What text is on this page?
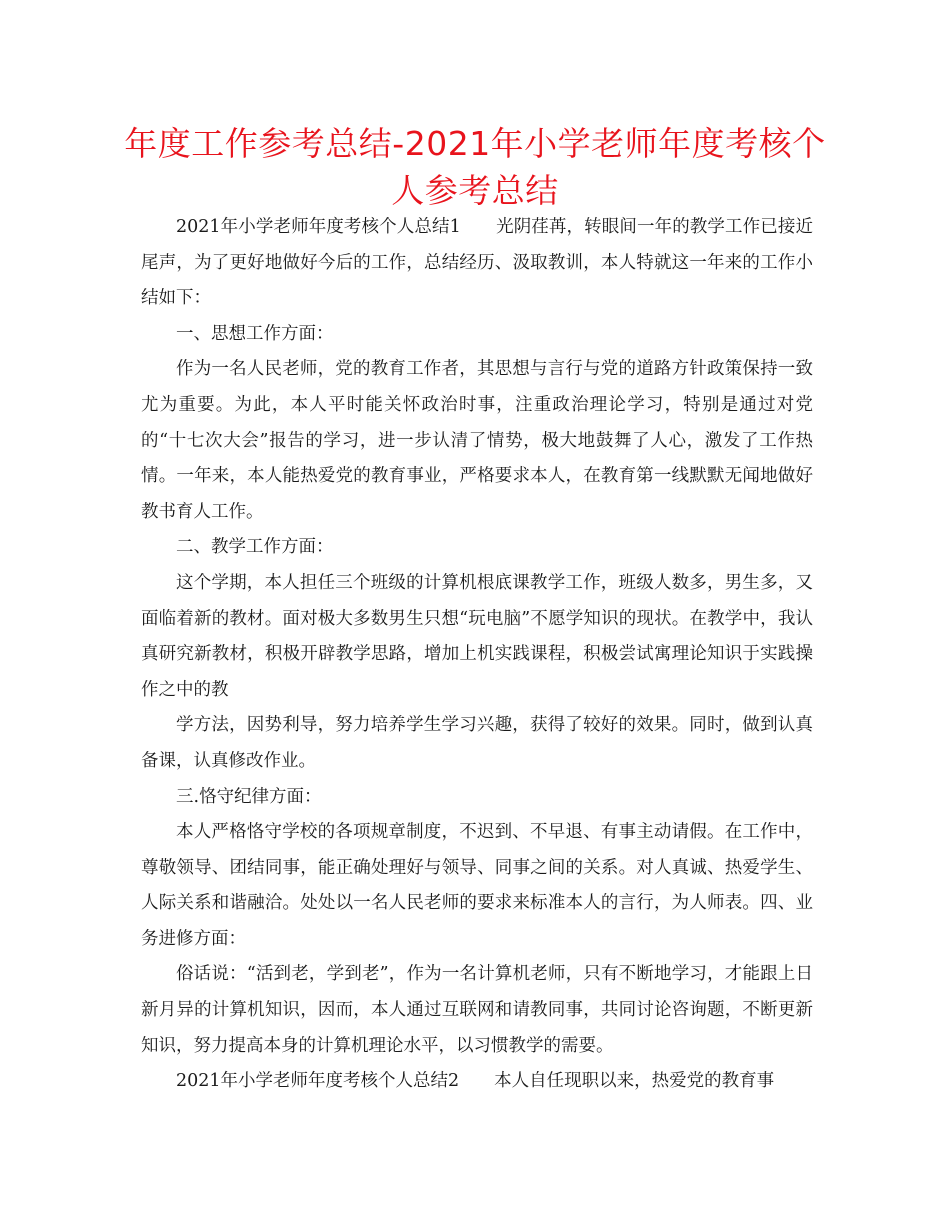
年度工作参考总结-2021年小学老师年度考核个
人参考总结

2021年小学老师年度考核个人总结1　　光阴荏苒，转眼间一年的教学工作已接近尾声，为了更好地做好今后的工作，总结经历、汲取教训，本人特就这一年来的工作小结如下：

一、思想工作方面：

作为一名人民老师，党的教育工作者，其思想与言行与党的道路方针政策保持一致尤为重要。为此，本人平时能关怀政治时事，注重政治理论学习，特别是通过对党的“十七次大会”报告的学习，进一步认清了情势，极大地鼓舞了人心，激发了工作热情。一年来，本人能热爱党的教育事业，严格要求本人，在教育第一线默默无闻地做好教书育人工作。

二、教学工作方面：

这个学期，本人担任三个班级的计算机根底课教学工作，班级人数多，男生多，又面临着新的教材。面对极大多数男生只想“玩电脑”不愿学知识的现状。在教学中，我认真研究新教材，积极开辟教学思路，增加上机实践课程，积极尝试寓理论知识于实践操作之中的教

学方法，因势利导，努力培养学生学习兴趣，获得了较好的效果。同时，做到认真备课，认真修改作业。

三.恪守纪律方面：

本人严格恪守学校的各项规章制度，不迟到、不早退、有事主动请假。在工作中，尊敬领导、团结同事，能正确处理好与领导、同事之间的关系。对人真诚、热爱学生、人际关系和谐融洽。处处以一名人民老师的要求来标准本人的言行，为人师表。四、业务进修方面：

俗话说：“活到老，学到老”，作为一名计算机老师，只有不断地学习，才能跟上日新月异的计算机知识，因而，本人通过互联网和请教同事，共同讨论咨询题，不断更新知识，努力提高本身的计算机理论水平，以习惯教学的需要。

2021年小学老师年度考核个人总结2　　本人自任现职以来，热爱党的教育事
